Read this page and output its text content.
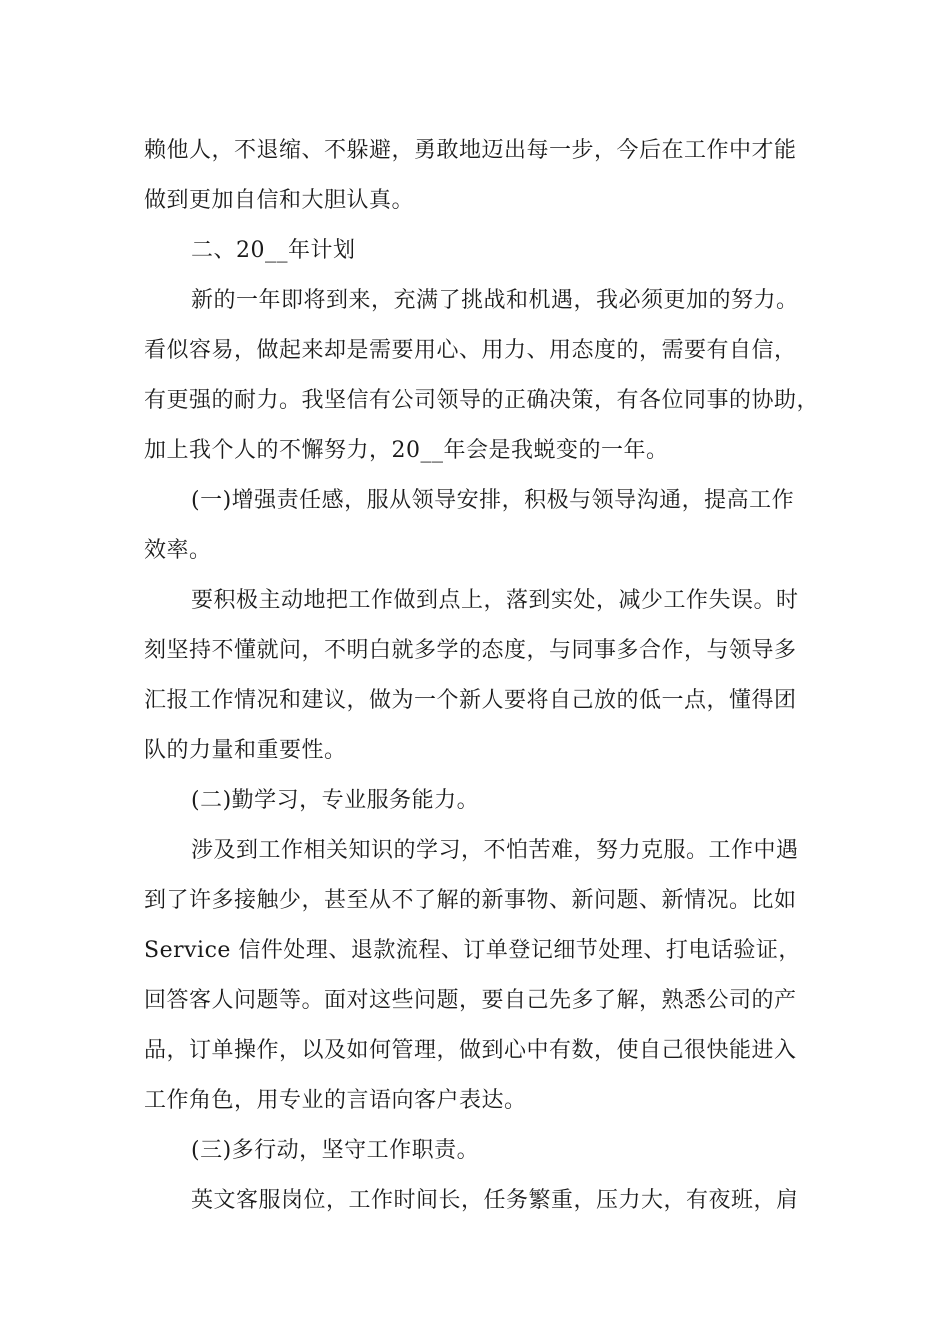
赖他人，不退缩、不躲避，勇敢地迈出每一步，今后在工作中才能
做到更加自信和大胆认真。
二、20__年计划
新的一年即将到来，充满了挑战和机遇，我必须更加的努力。
看似容易，做起来却是需要用心、用力、用态度的，需要有自信，
有更强的耐力。我坚信有公司领导的正确决策，有各位同事的协助，
加上我个人的不懈努力，20__年会是我蜕变的一年。
(一)增强责任感，服从领导安排，积极与领导沟通，提高工作
效率。
要积极主动地把工作做到点上，落到实处，减少工作失误。时
刻坚持不懂就问，不明白就多学的态度，与同事多合作，与领导多
汇报工作情况和建议，做为一个新人要将自己放的低一点，懂得团
队的力量和重要性。
(二)勤学习，专业服务能力。
涉及到工作相关知识的学习，不怕苦难，努力克服。工作中遇
到了许多接触少，甚至从不了解的新事物、新问题、新情况。比如
Service 信件处理、退款流程、订单登记细节处理、打电话验证，
回答客人问题等。面对这些问题，要自己先多了解，熟悉公司的产
品，订单操作，以及如何管理，做到心中有数，使自己很快能进入
工作角色，用专业的言语向客户表达。
(三)多行动，坚守工作职责。
英文客服岗位，工作时间长，任务繁重，压力大，有夜班，肩
